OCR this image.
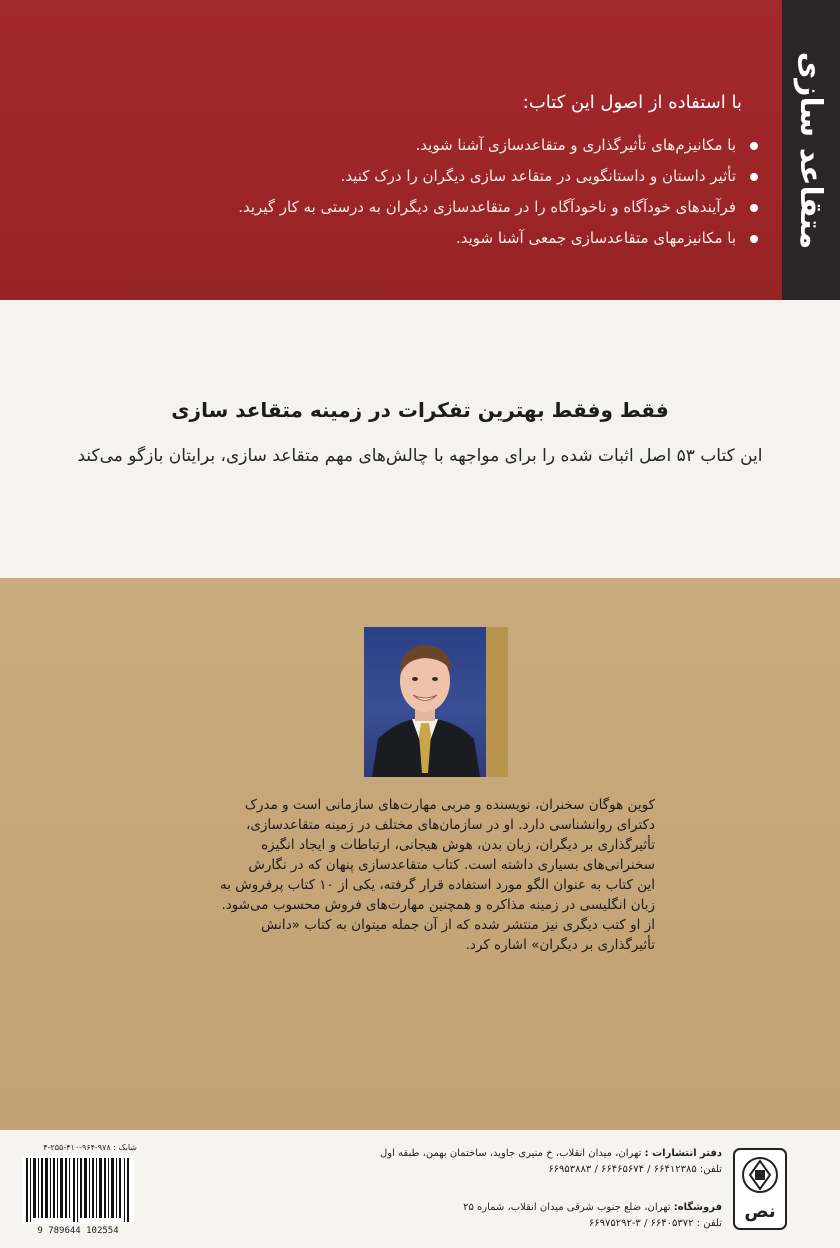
متقاعد سازی
با استفاده از اصول این کتاب:
با مکانیزم‌های تأثیرگذاری و متقاعدسازی آشنا شوید.
تأثیر داستان و داستانگویی در متقاعد سازی دیگران را درک کنید.
فرآیندهای خودآگاه و ناخودآگاه را در متقاعدسازی دیگران به درستی به کار گیرید.
با مکانیزمهای متقاعدسازی جمعی آشنا شوید.
فقط وفقط بهترین تفکرات در زمینه متقاعد سازی
این کتاب ۵۳ اصل اثبات شده را برای مواجهه با چالش‌های مهم متقاعد سازی، برایتان بازگو می‌کند
کوین هوگان سخنران، نویسنده و مربی مهارت‌های سازمانی است و مدرک
دکترای روانشناسی دارد. او در سازمان‌های مختلف در زمینه متقاعدسازی،
تأثیرگذاری بر دیگران، زبان بدن، هوش هیجانی، ارتباطات و ایجاد انگیزه
سخنرانی‌های بسیاری داشته است. کتاب متقاعدسازی پنهان که در نگارش
این کتاب به عنوان الگو مورد استفاده قرار گرفته، یکی از ۱۰ کتاب پرفروش به
زبان انگلیسی در زمینه مذاکره و همچنین مهارت‌های فروش محسوب می‌شود.
از او کتب دیگری نیز منتشر شده که از آن جمله میتوان به کتاب «دانش
تأثیرگذاری بر دیگران» اشاره کرد.
شابک : ۹۷۸-۹۶۴-۴۱۰-۲۵۵-۴
9 789644 102554
دفتر انتشارات : تهران، میدان انقلاب، خ منیری جاوید، ساختمان بهمن، طبقه اول
تلفن: ۶۶۴۱۲۳۸۵ / ۶۶۴۶۵۶۷۴ / ۶۶۹۵۳۸۸۳
فروشگاه: تهران، ضلع جنوب شرقی میدان انقلاب، شماره ۲۵
تلفن : ۶۶۴۰۵۳۷۲ / ۳-۶۶۹۷۵۲۹۲
نص
